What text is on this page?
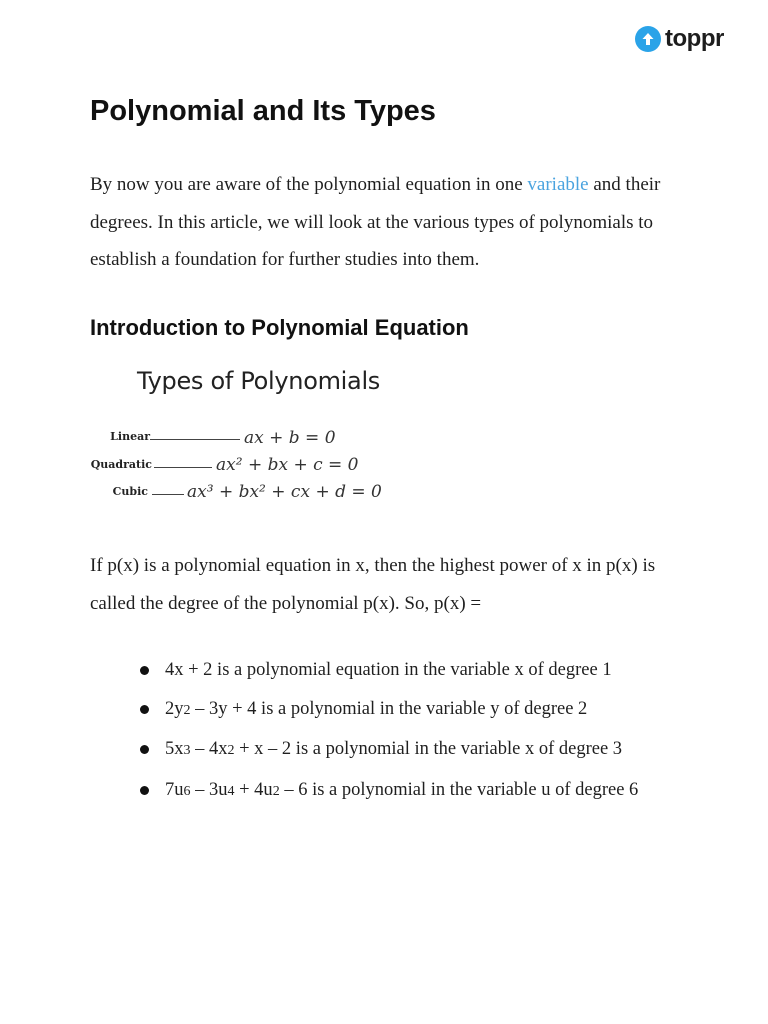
toppr
Polynomial and Its Types

By now you are aware of the polynomial equation in one variable and their degrees. In this article, we will look at the various types of polynomials to establish a foundation for further studies into them.

Introduction to Polynomial Equation
Types of Polynomials
Linear	ax + b = 0
Quadratic	ax² + bx + c = 0
Cubic ax³ + bx² + cx + d = 0

If p(x) is a polynomial equation in x, then the highest power of x in p(x) is called the degree of the polynomial p(x). So, p(x) =

4x + 2 is a polynomial equation in the variable x of degree 1
2y2 – 3y + 4 is a polynomial in the variable y of degree 2
5x3 – 4x2 + x – 2 is a polynomial in the variable x of degree 3
7u6 – 3u4 + 4u2 – 6 is a polynomial in the variable u of degree 6
